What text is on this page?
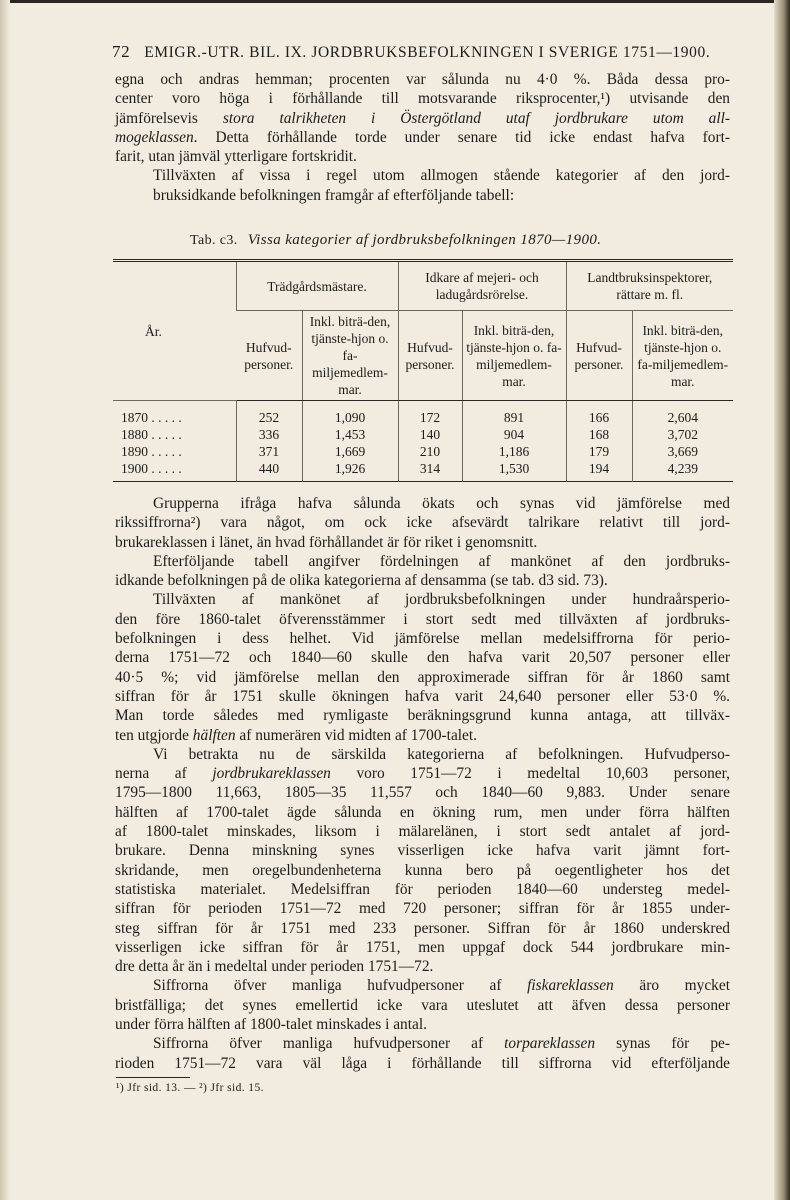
72 EMIGR.-UTR. BIL. IX. JORDBRUKSBEFOLKNINGEN I SVERIGE 1751—1900.

egna och andras hemman; procenten var sålunda nu 4·0 %. Båda dessa pro-
center voro höga i förhållande till motsvarande riksprocenter,¹) utvisande den
jämförelsevis stora talrikheten i Östergötland utaf jordbrukare utom all-
mogeklassen. Detta förhållande torde under senare tid icke endast hafva fort-
farit, utan jämväl ytterligare fortskridit.

Tillväxten af vissa i regel utom allmogen stående kategorier af den jord-
bruksidkande befolkningen framgår af efterföljande tabell:

Tab. c3. Vissa kategorier af jordbruksbefolkningen 1870—1900.
År.	Trädgårdsmästare.		Idkare af mejeri- och ladugårdsrörelse.		Landtbruksinspektorer, rättare m. fl.	
	Hufvud-personer.	Inkl. biträ-den, tjänste-hjon o. fa-miljemedlem-mar.	Hufvud-personer.	Inkl. biträ-den, tjänste-hjon o. fa-miljemedlem-mar.	Hufvud-personer.	Inkl. biträ-den, tjänste-hjon o. fa-miljemedlem-mar.
1870 . . . . .	252	1,090	172	891	166	2,604
1880 . . . . .	336	1,453	140	904	168	3,702
1890 . . . . .	371	1,669	210	1,186	179	3,669
1900 . . . . .	440	1,926	314	1,530	194	4,239

Grupperna ifråga hafva sålunda ökats och synas vid jämförelse med
rikssiffrorna²) vara något, om ock icke afsevärdt talrikare relativt till jord-
brukareklassen i länet, än hvad förhållandet är för riket i genomsnitt.

Efterföljande tabell angifver fördelningen af mankönet af den jordbruks-
idkande befolkningen på de olika kategorierna af densamma (se tab. d3 sid. 73).

Tillväxten af mankönet af jordbruksbefolkningen under hundraårsperio-
den före 1860-talet öfverensstämmer i stort sedt med tillväxten af jordbruks-
befolkningen i dess helhet. Vid jämförelse mellan medelsiffrorna för perio-
derna 1751—72 och 1840—60 skulle den hafva varit 20,507 personer eller
40·5 %; vid jämförelse mellan den approximerade siffran för år 1860 samt
siffran för år 1751 skulle ökningen hafva varit 24,640 personer eller 53·0 %.
Man torde således med rymligaste beräkningsgrund kunna antaga, att tillväx-
ten utgjorde hälften af numerären vid midten af 1700-talet.

Vi betrakta nu de särskilda kategorierna af befolkningen. Hufvudperso-
nerna af jordbrukareklassen voro 1751—72 i medeltal 10,603 personer,
1795—1800 11,663, 1805—35 11,557 och 1840—60 9,883. Under senare
hälften af 1700-talet ägde sålunda en ökning rum, men under förra hälften
af 1800-talet minskades, liksom i mälarelänen, i stort sedt antalet af jord-
brukare. Denna minskning synes visserligen icke hafva varit jämnt fort-
skridande, men oregelbundenheterna kunna bero på oegentligheter hos det
statistiska materialet. Medelsiffran för perioden 1840—60 understeg medel-
siffran för perioden 1751—72 med 720 personer; siffran för år 1855 under-
steg siffran för år 1751 med 233 personer. Siffran för år 1860 underskred
visserligen icke siffran för år 1751, men uppgaf dock 544 jordbrukare min-
dre detta år än i medeltal under perioden 1751—72.

Siffrorna öfver manliga hufvudpersoner af fiskareklassen äro mycket
bristfälliga; det synes emellertid icke vara uteslutet att äfven dessa personer
under förra hälften af 1800-talet minskades i antal.

Siffrorna öfver manliga hufvudpersoner af torpareklassen synas för pe-
rioden 1751—72 vara väl låga i förhållande till siffrorna vid efterföljande

¹) Jfr sid. 13. — ²) Jfr sid. 15.
